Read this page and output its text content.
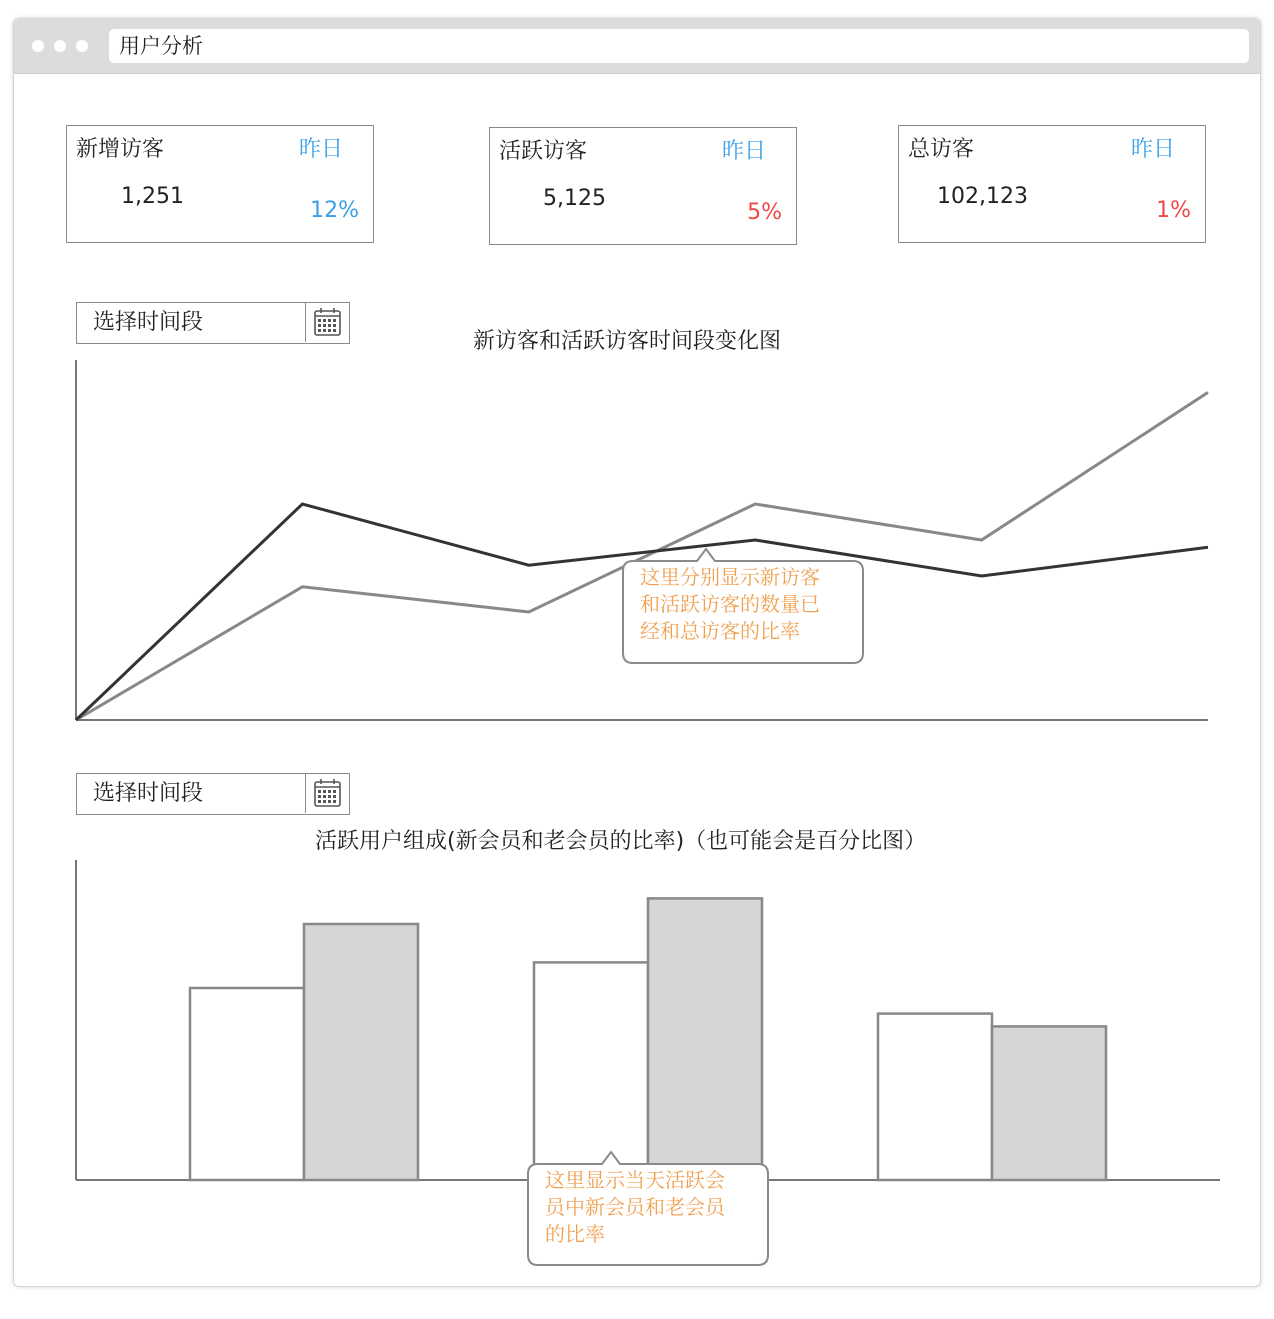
用户分析
新增访客	昨日
1,251
12%
活跃访客	昨日
5,125
5%
总访客	昨日
102,123
1%
选择时间段
新访客和活跃访客时间段变化图
选择时间段
活跃用户组成(新会员和老会员的比率)（也可能会是百分比图）
这里分别显示新访客
和活跃访客的数量已
经和总访客的比率
这里显示当天活跃会
员中新会员和老会员
的比率
